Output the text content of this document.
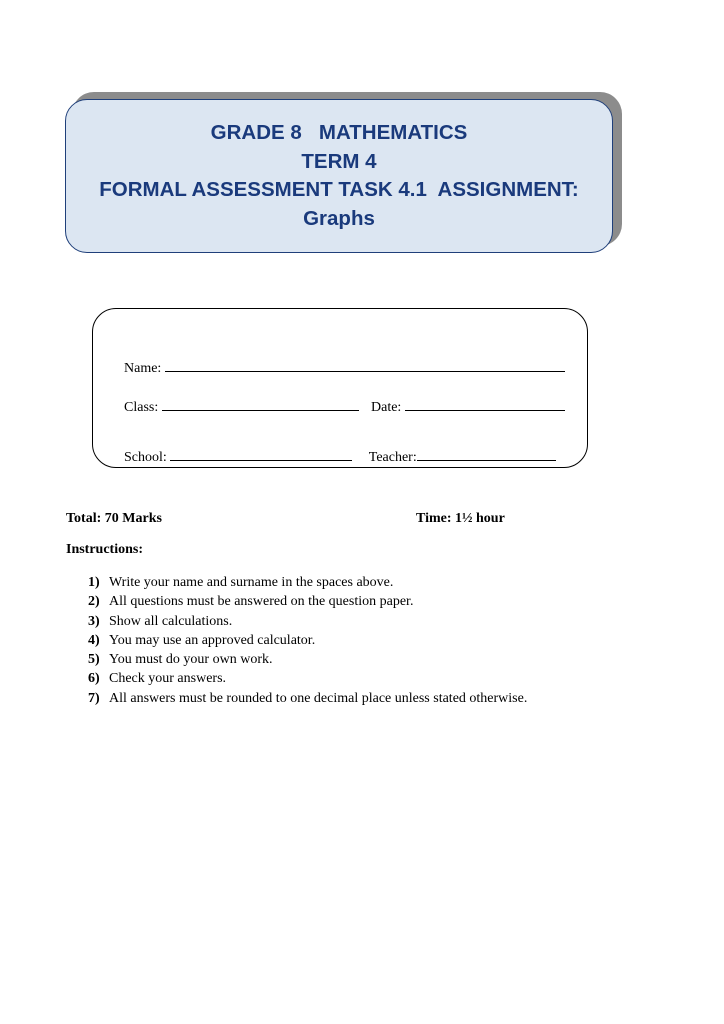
GRADE 8   MATHEMATICS
TERM 4
FORMAL ASSESSMENT TASK 4.1  ASSIGNMENT:
Graphs

Name:

Class:
	Date:

School:
	Teacher:

Total: 70 Marks	Time: 1½ hour
Instructions:
1) Write your name and surname in the spaces above.
2) All questions must be answered on the question paper.
3) Show all calculations.
4) You may use an approved calculator.
5) You must do your own work.
6) Check your answers.
7) All answers must be rounded to one decimal place unless stated otherwise.
